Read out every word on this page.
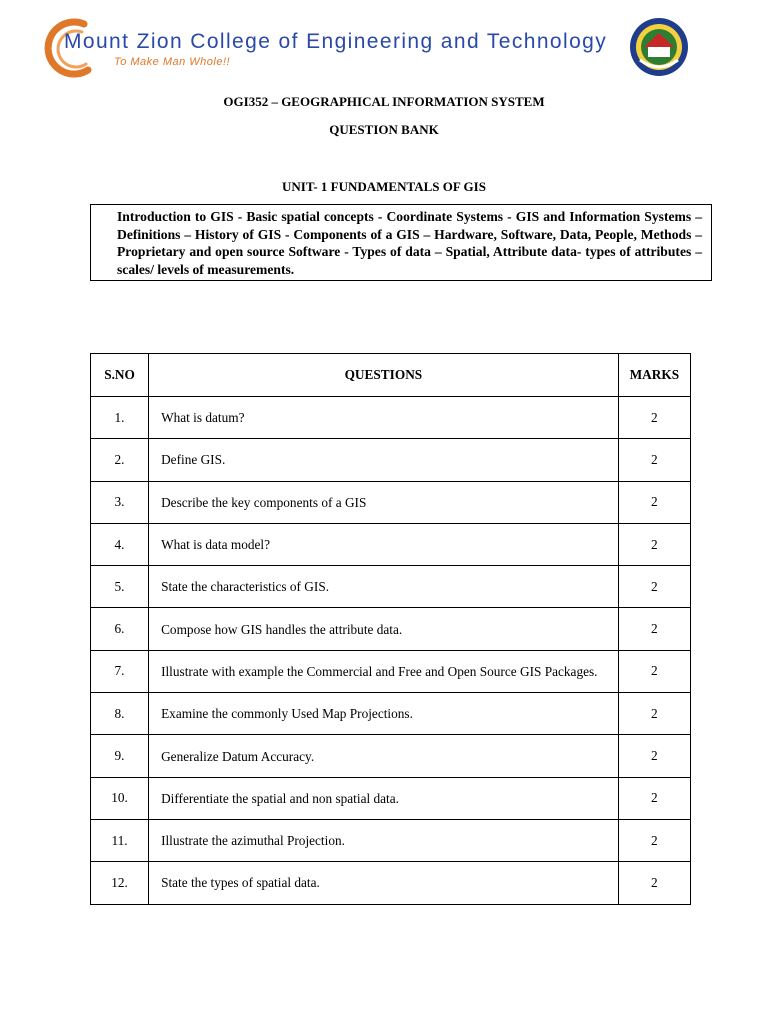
Mount Zion College of Engineering and Technology
To Make Man Whole!!
OGI352 – GEOGRAPHICAL INFORMATION SYSTEM
QUESTION BANK
UNIT- 1 FUNDAMENTALS OF GIS
Introduction to GIS - Basic spatial concepts - Coordinate Systems - GIS and Information Systems – Definitions – History of GIS - Components of a GIS – Hardware, Software, Data, People, Methods – Proprietary and open source Software - Types of data – Spatial, Attribute data- types of attributes – scales/ levels of measurements.
S.NO	QUESTIONS	MARKS
1.	What is datum?	2
2.	Define GIS.	2
3.	Describe the key components of a GIS	2
4.	What is data model?	2
5.	State the characteristics of GIS.	2
6.	Compose how GIS handles the attribute data.	2
7.	Illustrate with example the Commercial and Free and Open Source GIS Packages.	2
8.	Examine the commonly Used Map Projections.	2
9.	Generalize Datum Accuracy.	2
10.	Differentiate the spatial and non spatial data.	2
11.	Illustrate the azimuthal Projection.	2
12.	State the types of spatial data.	2
